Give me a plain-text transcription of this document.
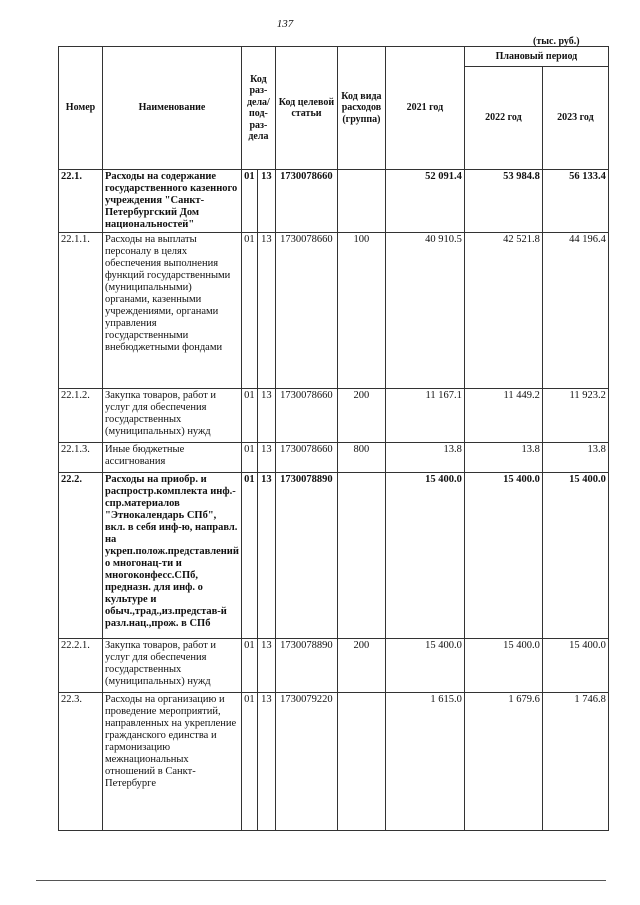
137
(тыс. руб.)
Номер	Наименование	Код раз-дела/под-раз-дела		Код целевой статьи	Код вида расходов (группа)	2021 год	Плановый период	
							2022 год	2023 год
22.1.	Расходы на содержание государственного казенного учреждения "Санкт-Петербургский Дом национальностей"	01	13	1730078660		52 091.4	53 984.8	56 133.4
22.1.1.	Расходы на выплаты персоналу в целях обеспечения выполнения функций государственными (муниципальными) органами, казенными учреждениями, органами управления государственными внебюджетными фондами	01	13	1730078660	100	40 910.5	42 521.8	44 196.4
22.1.2.	Закупка товаров, работ и услуг для обеспечения государственных (муниципальных) нужд	01	13	1730078660	200	11 167.1	11 449.2	11 923.2
22.1.3.	Иные бюджетные ассигнования	01	13	1730078660	800	13.8	13.8	13.8
22.2.	Расходы на приобр. и распростр.комплекта инф.-спр.материалов "Этнокалендарь СПб", вкл. в себя инф-ю, направл. на укреп.полож.представлений о многонац-ти и многоконфесс.СПб, предназн. для инф. о культуре и обыч.,трад.,из.представ-й разл.нац.,прож. в СПб	01	13	1730078890		15 400.0	15 400.0	15 400.0
22.2.1.	Закупка товаров, работ и услуг для обеспечения государственных (муниципальных) нужд	01	13	1730078890	200	15 400.0	15 400.0	15 400.0
22.3.	Расходы на организацию и проведение мероприятий, направленных на укрепление гражданского единства и гармонизацию межнациональных отношений в Санкт-Петербурге	01	13	1730079220		1 615.0	1 679.6	1 746.8
